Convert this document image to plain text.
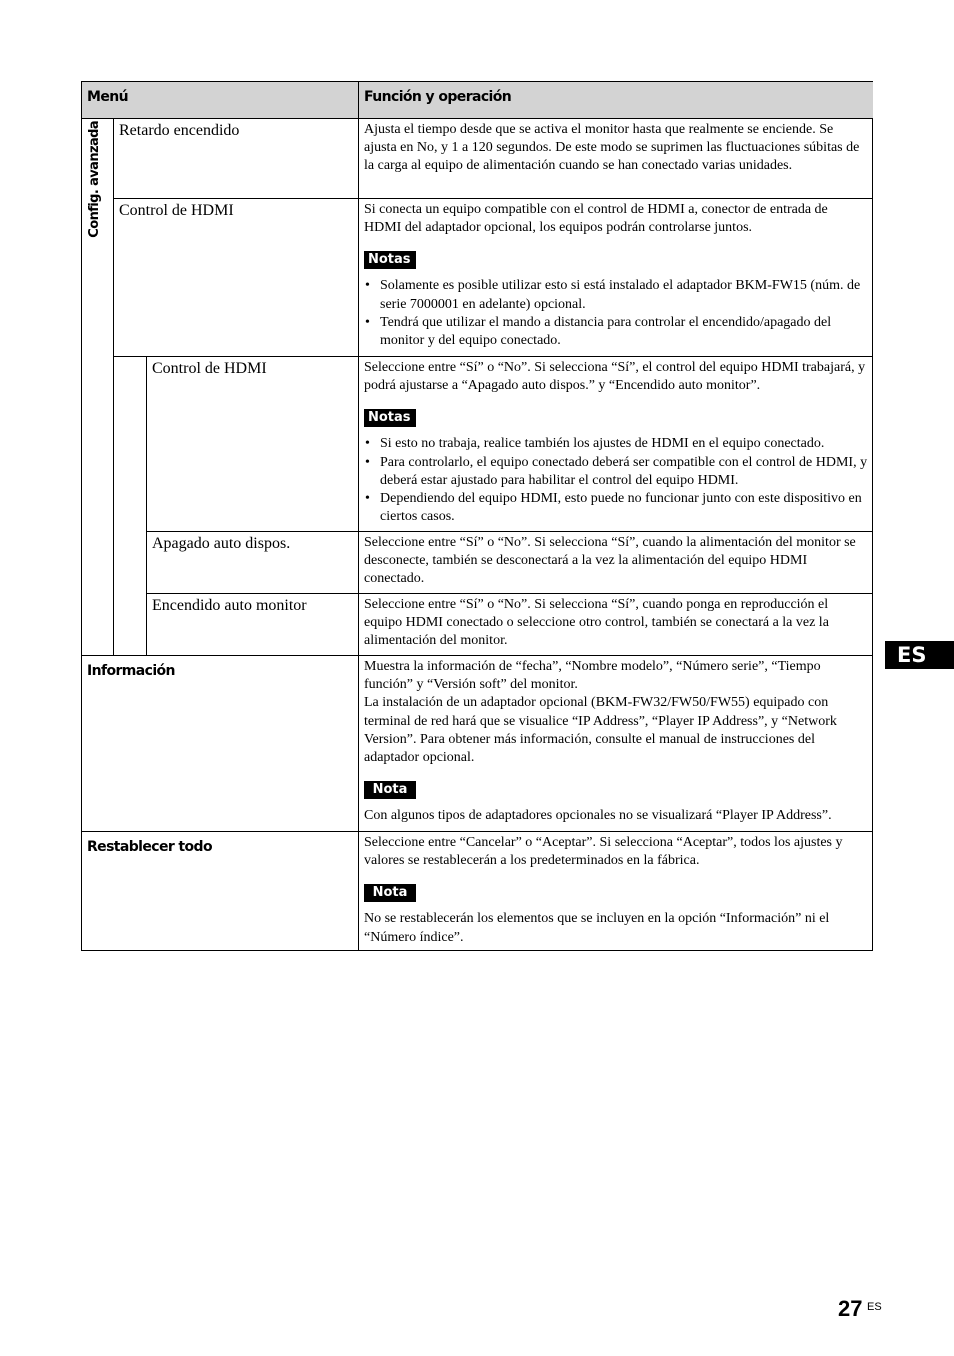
Menú	Función y operación
Retardo encendido	Ajusta el tiempo desde que se activa el monitor hasta que realmente se enciende. Se ajusta en No, y 1 a 120 segundos. De este modo se suprimen las fluctuaciones súbitas de la carga al equipo de alimentación cuando se han conectado varias unidades.

Control de HDMI	Si conecta un equipo compatible con el control de HDMI a, conector de entrada de HDMI del adaptador opcional, los equipos podrán controlarse juntos.

Notas
• Solamente es posible utilizar esto si está instalado el adaptador BKM-FW15 (núm. de serie 7000001 en adelante) opcional.
• Tendrá que utilizar el mando a distancia para controlar el encendido/apagado del monitor y del equipo conectado.
Control de HDMI	Seleccione entre “Sí” o “No”. Si selecciona “Sí”, el control del equipo HDMI trabajará, y podrá ajustarse a “Apagado auto dispos.” y “Encendido auto monitor”.

Notas
• Si esto no trabaja, realice también los ajustes de HDMI en el equipo conectado.
• Para controlarlo, el equipo conectado deberá ser compatible con el control de HDMI, y deberá estar ajustado para habilitar el control del equipo HDMI.
• Dependiendo del equipo HDMI, esto puede no funcionar junto con este dispositivo en ciertos casos.
Apagado auto dispos.	Seleccione entre “Sí” o “No”. Si selecciona “Sí”, cuando la alimentación del monitor se desconecte, también se desconectará a la vez la alimentación del equipo HDMI conectado.

Encendido auto monitor	Seleccione entre “Sí” o “No”. Si selecciona “Sí”, cuando ponga en reproducción el equipo HDMI conectado o seleccione otro control, también se conectará a la vez la alimentación del monitor.

Información	Muestra la información de “fecha”, “Nombre modelo”, “Número serie”, “Tiempo función” y “Versión soft” del monitor.

La instalación de un adaptador opcional (BKM-FW32/FW50/FW55) equipado con terminal de red hará que se visualice “IP Address”, “Player IP Address”, y “Network Version”. Para obtener más información, consulte el manual de instrucciones del adaptador opcional.

Nota

Con algunos tipos de adaptadores opcionales no se visualizará “Player IP Address”.

Restablecer todo	Seleccione entre “Cancelar” o “Aceptar”. Si selecciona “Aceptar”, todos los ajustes y valores se restablecerán a los predeterminados en la fábrica.

Nota

No se restablecerán los elementos que se incluyen en la opción “Información” ni el “Número índice”.

Config. avanzada
ES
27 ES
